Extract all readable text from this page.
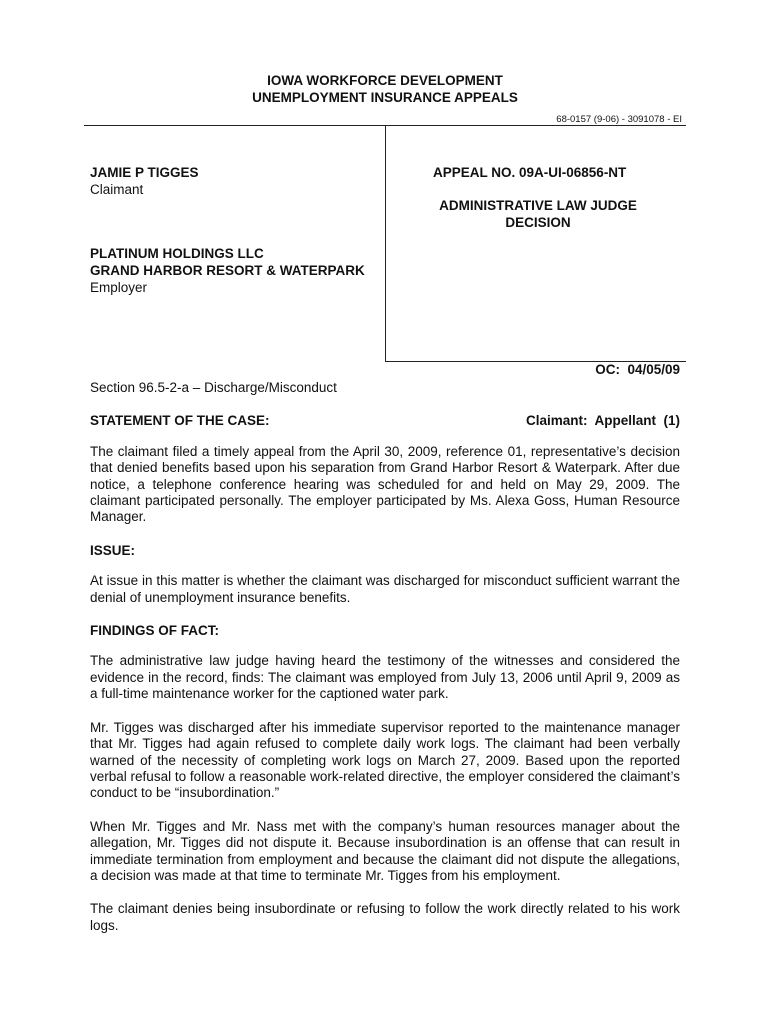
IOWA WORKFORCE DEVELOPMENT
UNEMPLOYMENT INSURANCE APPEALS
68-0157 (9-06) - 3091078 - EI
JAMIE P TIGGES
Claimant
PLATINUM HOLDINGS LLC
GRAND HARBOR RESORT & WATERPARK
Employer
APPEAL NO. 09A-UI-06856-NT
ADMINISTRATIVE LAW JUDGE
DECISION

OC:  04/05/09

Claimant:  Appellant  (1)

Section 96.5-2-a – Discharge/Misconduct

STATEMENT OF THE CASE:

The claimant filed a timely appeal from the April 30, 2009, reference 01, representative’s decision that denied benefits based upon his separation from Grand Harbor Resort & Waterpark. After due notice, a telephone conference hearing was scheduled for and held on May 29, 2009. The claimant participated personally. The employer participated by Ms. Alexa Goss, Human Resource Manager.

ISSUE:

At issue in this matter is whether the claimant was discharged for misconduct sufficient warrant the denial of unemployment insurance benefits.

FINDINGS OF FACT:

The administrative law judge having heard the testimony of the witnesses and considered the evidence in the record, finds: The claimant was employed from July 13, 2006 until April 9, 2009 as a full-time maintenance worker for the captioned water park.

Mr. Tigges was discharged after his immediate supervisor reported to the maintenance manager that Mr. Tigges had again refused to complete daily work logs. The claimant had been verbally warned of the necessity of completing work logs on March 27, 2009. Based upon the reported verbal refusal to follow a reasonable work-related directive, the employer considered the claimant’s conduct to be “insubordination.”

When Mr. Tigges and Mr. Nass met with the company’s human resources manager about the allegation, Mr. Tigges did not dispute it. Because insubordination is an offense that can result in immediate termination from employment and because the claimant did not dispute the allegations, a decision was made at that time to terminate Mr. Tigges from his employment.

The claimant denies being insubordinate or refusing to follow the work directly related to his work logs.
